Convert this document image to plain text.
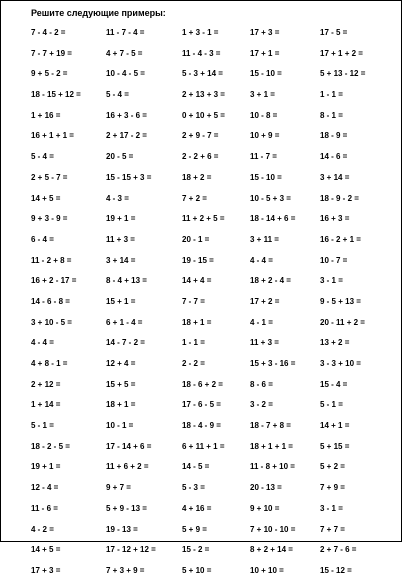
Решите следующие примеры:
7 - 4 - 2 =	11 - 7 - 4 =	1 + 3 - 1 =	17 + 3 =	17 - 5 =
7 - 7 + 19 =	4 + 7 - 5 =	11 - 4 - 3 =	17 + 1 =	17 + 1 + 2 =
9 + 5 - 2 =	10 - 4 - 5 =	5 - 3 + 14 =	15 - 10 =	5 + 13 - 12 =
18 - 15 + 12 =	5 - 4 =	2 + 13 + 3 =	3 + 1 =	1 - 1 =
1 + 16 =	16 + 3 - 6 =	0 + 10 + 5 =	10 - 8 =	8 - 1 =
16 + 1 + 1 =	2 + 17 - 2 =	2 + 9 - 7 =	10 + 9 =	18 - 9 =
5 - 4 =	20 - 5 =	2 - 2 + 6 =	11 - 7 =	14 - 6 =
2 + 5 - 7 =	15 - 15 + 3 =	18 + 2 =	15 - 10 =	3 + 14 =
14 + 5 =	4 - 3 =	7 + 2 =	10 - 5 + 3 =	18 - 9 - 2 =
9 + 3 - 9 =	19 + 1 =	11 + 2 + 5 =	18 - 14 + 6 =	16 + 3 =
6 - 4 =	11 + 3 =	20 - 1 =	3 + 11 =	16 - 2 + 1 =
11 - 2 + 8 =	3 + 14 =	19 - 15 =	4 - 4 =	10 - 7 =
16 + 2 - 17 =	8 - 4 + 13 =	14 + 4 =	18 + 2 - 4 =	3 - 1 =
14 - 6 - 8 =	15 + 1 =	7 - 7 =	17 + 2 =	9 - 5 + 13 =
3 + 10 - 5 =	6 + 1 - 4 =	18 + 1 =	4 - 1 =	20 - 11 + 2 =
4 - 4 =	14 - 7 - 2 =	1 - 1 =	11 + 3 =	13 + 2 =
4 + 8 - 1 =	12 + 4 =	2 - 2 =	15 + 3 - 16 =	3 - 3 + 10 =
2 + 12 =	15 + 5 =	18 - 6 + 2 =	8 - 6 =	15 - 4 =
1 + 14 =	18 + 1 =	17 - 6 - 5 =	3 - 2 =	5 - 1 =
5 - 1 =	10 - 1 =	18 - 4 - 9 =	18 - 7 + 8 =	14 + 1 =
18 - 2 - 5 =	17 - 14 + 6 =	6 + 11 + 1 =	18 + 1 + 1 =	5 + 15 =
19 + 1 =	11 + 6 + 2 =	14 - 5 =	11 - 8 + 10 =	5 + 2 =
12 - 4 =	9 + 7 =	5 - 3 =	20 - 13 =	7 + 9 =
11 - 6 =	5 + 9 - 13 =	4 + 16 =	9 + 10 =	3 - 1 =
4 - 2 =	19 - 13 =	5 + 9 =	7 + 10 - 10 =	7 + 7 =
14 + 5 =	17 - 12 + 12 =	15 - 2 =	8 + 2 + 14 =	2 + 7 - 6 =
17 + 3 =	7 + 3 + 9 =	5 + 10 =	10 + 10 =	15 - 12 =
